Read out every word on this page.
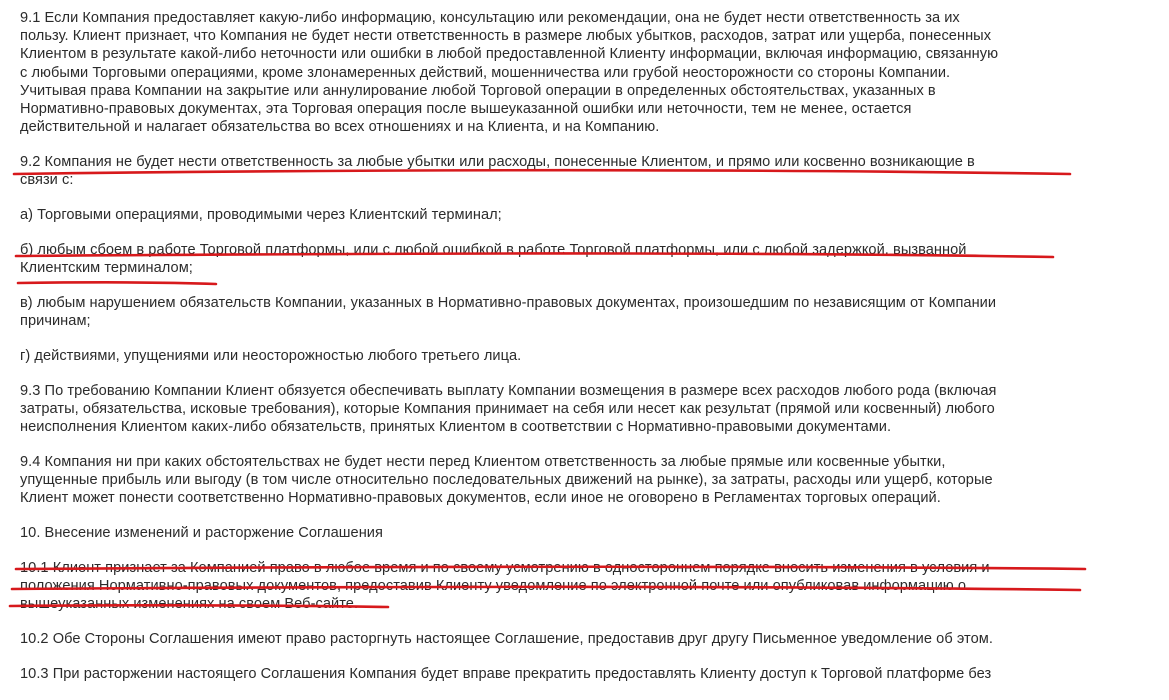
9.1 Если Компания предоставляет какую-либо информацию, консультацию или рекомендации, она не будет нести ответственность за их
пользу. Клиент признает, что Компания не будет нести ответственность в размере любых убытков, расходов, затрат или ущерба, понесенных
Клиентом в результате какой-либо неточности или ошибки в любой предоставленной Клиенту информации, включая информацию, связанную
с любыми Торговыми операциями, кроме злонамеренных действий, мошенничества или грубой неосторожности со стороны Компании.
Учитывая права Компании на закрытие или аннулирование любой Торговой операции в определенных обстоятельствах, указанных в
Нормативно-правовых документах, эта Торговая операция после вышеуказанной ошибки или неточности, тем не менее, остается
действительной и налагает обязательства во всех отношениях и на Клиента, и на Компанию.

9.2 Компания не будет нести ответственность за любые убытки или расходы, понесенные Клиентом, и прямо или косвенно возникающие в
связи с:

а) Торговыми операциями, проводимыми через Клиентский терминал;

б) любым сбоем в работе Торговой платформы, или с любой ошибкой в работе Торговой платформы, или с любой задержкой, вызванной
Клиентским терминалом;

в) любым нарушением обязательств Компании, указанных в Нормативно-правовых документах, произошедшим по независящим от Компании
причинам;

г) действиями, упущениями или неосторожностью любого третьего лица.

9.3 По требованию Компании Клиент обязуется обеспечивать выплату Компании возмещения в размере всех расходов любого рода (включая
затраты, обязательства, исковые требования), которые Компания принимает на себя или несет как результат (прямой или косвенный) любого
неисполнения Клиентом каких-либо обязательств, принятых Клиентом в соответствии с Нормативно-правовыми документами.

9.4 Компания ни при каких обстоятельствах не будет нести перед Клиентом ответственность за любые прямые или косвенные убытки,
упущенные прибыль или выгоду (в том числе относительно последовательных движений на рынке), за затраты, расходы или ущерб, которые
Клиент может понести соответственно Нормативно-правовых документов, если иное не оговорено в Регламентах торговых операций.

10. Внесение изменений и расторжение Соглашения

10.1 Клиент признает за Компанией право в любое время и по своему усмотрению в одностороннем порядке вносить изменения в условия и
положения Нормативно-правовых документов, предоставив Клиенту уведомление по электронной почте или опубликовав информацию о
вышеуказанных изменениях на своем Веб-сайте.

10.2 Обе Стороны Соглашения имеют право расторгнуть настоящее Соглашение, предоставив друг другу Письменное уведомление об этом.

10.3 При расторжении настоящего Соглашения Компания будет вправе прекратить предоставлять Клиенту доступ к Торговой платформе без
